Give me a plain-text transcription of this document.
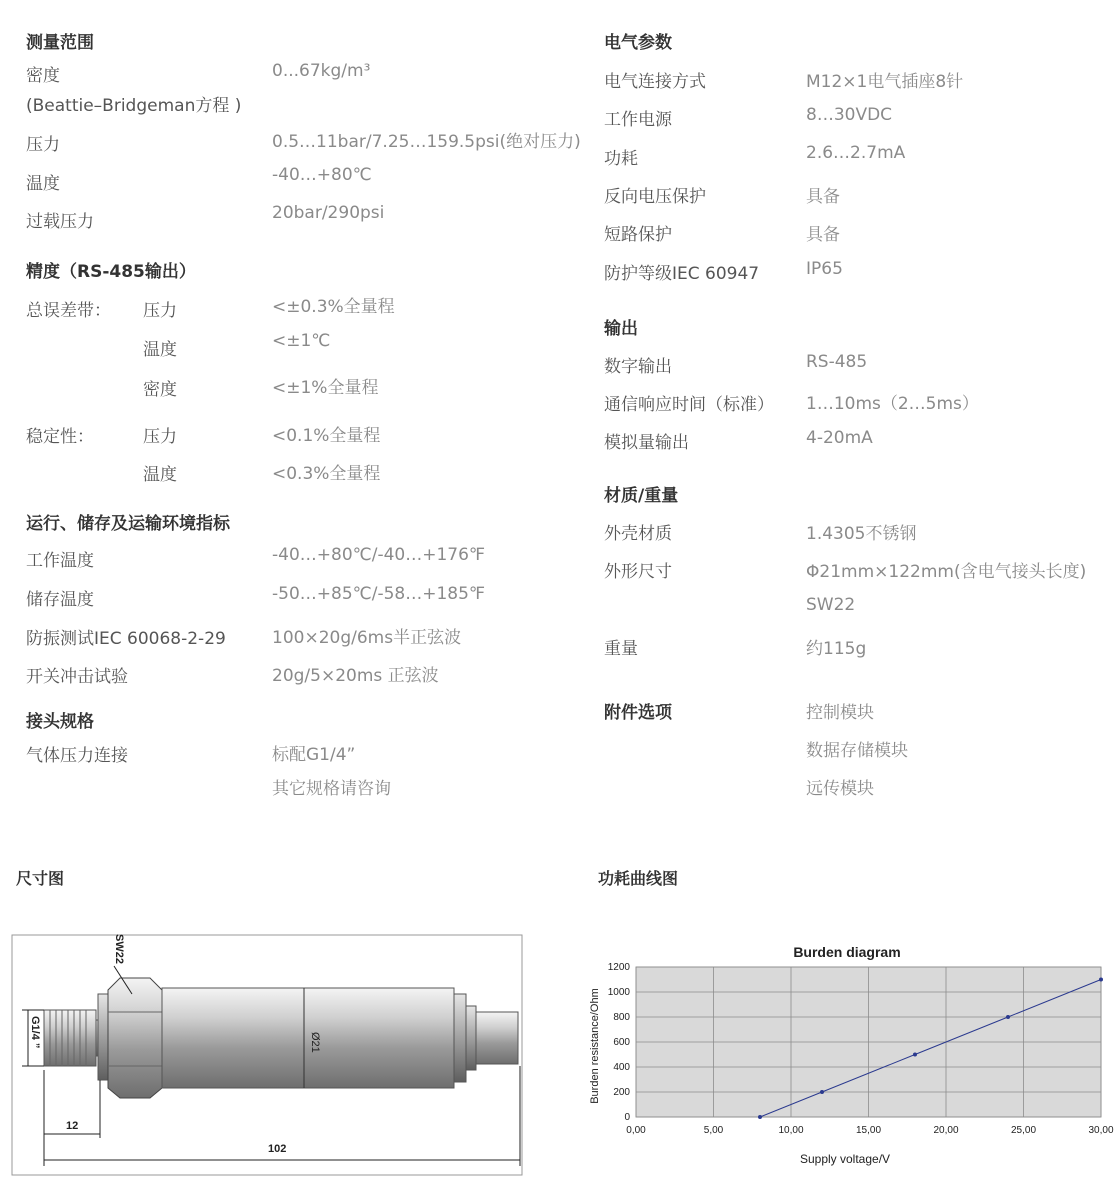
测量范围
密度	0...67kg/m³
(Beattie–Bridgeman方程 )
压力	0.5…11bar/7.25…159.5psi(绝对压力)
温度	-40…+80℃
过载压力	20bar/290psi
精度（RS-485输出）
总误差带： 压力	<±0.3%全量程
温度	<±1℃
密度	<±1%全量程
稳定性：	压力	<0.1%全量程
温度	<0.3%全量程
运行、储存及运输环境指标
工作温度	-40…+80℃/-40…+176℉
储存温度	-50…+85℃/-58…+185℉
防振测试IEC 60068-2-29	100×20g/6ms半正弦波
开关冲击试验	20g/5×20ms 正弦波
接头规格
气体压力连接	标配G1/4”
其它规格请咨询
电气参数
电气连接方式	M12×1电气插座8针
工作电源	8…30VDC
功耗	2.6…2.7mA
反向电压保护	具备
短路保护	具备
防护等级IEC 60947	IP65
输出
数字输出	RS-485
通信响应时间（标准） 1…10ms（2…5ms）
模拟量输出	4-20mA
材质/重量
外壳材质	1.4305不锈钢
外形尺寸	Φ21mm×122mm(含电气接头长度)
SW22
重量	约115g
附件选项	控制模块
数据存储模块
远传模块
尺寸图	功耗曲线图
Ø21
SW22
G1/4 ”
12
102
Burden diagram
0,00	5,00	10,00	15,00	20,00	25,00	30,00
0
200
400
600
800
1000
1200
Supply voltage/V
Burden resistance/Ohm
